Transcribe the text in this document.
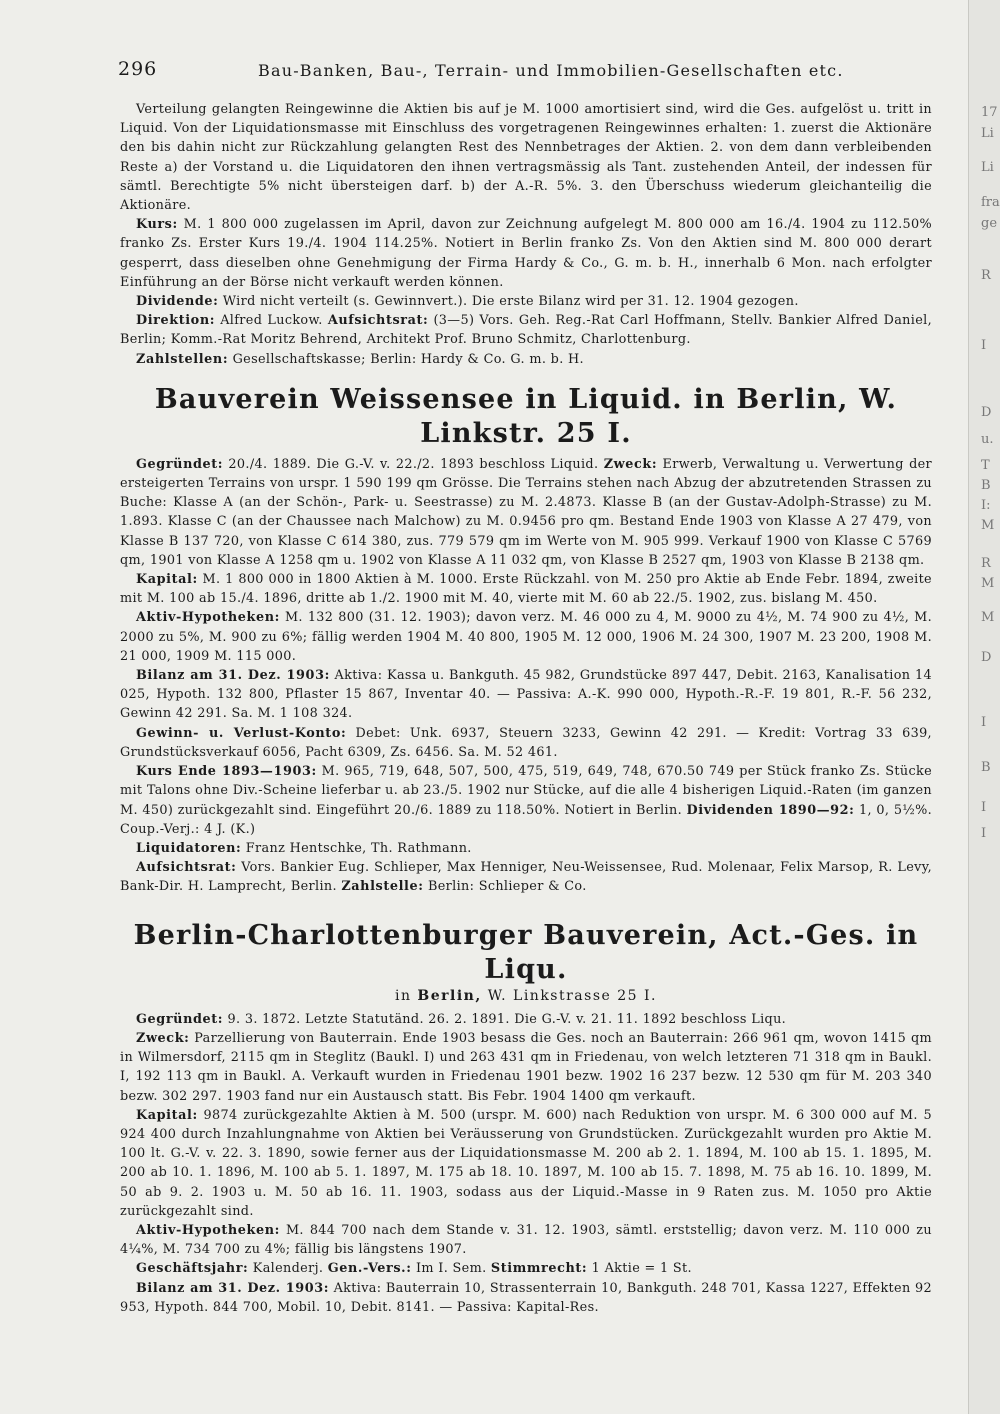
296	Bau-Banken, Bau-, Terrain- und Immobilien-Gesellschaften etc.

Verteilung gelangten Reingewinne die Aktien bis auf je M. 1000 amortisiert sind, wird die Ges. aufgelöst u. tritt in Liquid. Von der Liquidationsmasse mit Einschluss des vorgetragenen Reingewinnes erhalten: 1. zuerst die Aktionäre den bis dahin nicht zur Rückzahlung gelangten Rest des Nennbetrages der Aktien. 2. von dem dann verbleibenden Reste a) der Vorstand u. die Liquidatoren den ihnen vertragsmässig als Tant. zustehenden Anteil, der indessen für sämtl. Berechtigte 5% nicht übersteigen darf. b) der A.-R. 5%. 3. den Überschuss wiederum gleichanteilig die Aktionäre.

Kurs: M. 1 800 000 zugelassen im April, davon zur Zeichnung aufgelegt M. 800 000 am 16./4. 1904 zu 112.50% franko Zs. Erster Kurs 19./4. 1904 114.25%. Notiert in Berlin franko Zs. Von den Aktien sind M. 800 000 derart gesperrt, dass dieselben ohne Genehmigung der Firma Hardy & Co., G. m. b. H., innerhalb 6 Mon. nach erfolgter Einführung an der Börse nicht verkauft werden können.

Dividende: Wird nicht verteilt (s. Gewinnvert.). Die erste Bilanz wird per 31. 12. 1904 gezogen.

Direktion: Alfred Luckow. Aufsichtsrat: (3—5) Vors. Geh. Reg.-Rat Carl Hoffmann, Stellv. Bankier Alfred Daniel, Berlin; Komm.-Rat Moritz Behrend, Architekt Prof. Bruno Schmitz, Charlottenburg.

Zahlstellen: Gesellschaftskasse; Berlin: Hardy & Co. G. m. b. H.

Bauverein Weissensee in Liquid. in Berlin, W. Linkstr. 25 I.

Gegründet: 20./4. 1889. Die G.-V. v. 22./2. 1893 beschloss Liquid. Zweck: Erwerb, Verwaltung u. Verwertung der ersteigerten Terrains von urspr. 1 590 199 qm Grösse. Die Terrains stehen nach Abzug der abzutretenden Strassen zu Buche: Klasse A (an der Schön-, Park- u. Seestrasse) zu M. 2.4873. Klasse B (an der Gustav-Adolph-Strasse) zu M. 1.893. Klasse C (an der Chaussee nach Malchow) zu M. 0.9456 pro qm. Bestand Ende 1903 von Klasse A 27 479, von Klasse B 137 720, von Klasse C 614 380, zus. 779 579 qm im Werte von M. 905 999. Verkauf 1900 von Klasse C 5769 qm, 1901 von Klasse A 1258 qm u. 1902 von Klasse A 11 032 qm, von Klasse B 2527 qm, 1903 von Klasse B 2138 qm.

Kapital: M. 1 800 000 in 1800 Aktien à M. 1000. Erste Rückzahl. von M. 250 pro Aktie ab Ende Febr. 1894, zweite mit M. 100 ab 15./4. 1896, dritte ab 1./2. 1900 mit M. 40, vierte mit M. 60 ab 22./5. 1902, zus. bislang M. 450.

Aktiv-Hypotheken: M. 132 800 (31. 12. 1903); davon verz. M. 46 000 zu 4, M. 9000 zu 4½, M. 74 900 zu 4½, M. 2000 zu 5%, M. 900 zu 6%; fällig werden 1904 M. 40 800, 1905 M. 12 000, 1906 M. 24 300, 1907 M. 23 200, 1908 M. 21 000, 1909 M. 115 000.

Bilanz am 31. Dez. 1903: Aktiva: Kassa u. Bankguth. 45 982, Grundstücke 897 447, Debit. 2163, Kanalisation 14 025, Hypoth. 132 800, Pflaster 15 867, Inventar 40. — Passiva: A.-K. 990 000, Hypoth.-R.-F. 19 801, R.-F. 56 232, Gewinn 42 291. Sa. M. 1 108 324.

Gewinn- u. Verlust-Konto: Debet: Unk. 6937, Steuern 3233, Gewinn 42 291. — Kredit: Vortrag 33 639, Grundstücksverkauf 6056, Pacht 6309, Zs. 6456. Sa. M. 52 461.

Kurs Ende 1893—1903: M. 965, 719, 648, 507, 500, 475, 519, 649, 748, 670.50 749 per Stück franko Zs. Stücke mit Talons ohne Div.-Scheine lieferbar u. ab 23./5. 1902 nur Stücke, auf die alle 4 bisherigen Liquid.-Raten (im ganzen M. 450) zurückgezahlt sind. Eingeführt 20./6. 1889 zu 118.50%. Notiert in Berlin. Dividenden 1890—92: 1, 0, 5½%. Coup.-Verj.: 4 J. (K.)

Liquidatoren: Franz Hentschke, Th. Rathmann.

Aufsichtsrat: Vors. Bankier Eug. Schlieper, Max Henniger, Neu-Weissensee, Rud. Molenaar, Felix Marsop, R. Levy, Bank-Dir. H. Lamprecht, Berlin. Zahlstelle: Berlin: Schlieper & Co.

Berlin-Charlottenburger Bauverein, Act.-Ges. in Liqu.
in Berlin, W. Linkstrasse 25 I.

Gegründet: 9. 3. 1872. Letzte Statutänd. 26. 2. 1891. Die G.-V. v. 21. 11. 1892 beschloss Liqu.

Zweck: Parzellierung von Bauterrain. Ende 1903 besass die Ges. noch an Bauterrain: 266 961 qm, wovon 1415 qm in Wilmersdorf, 2115 qm in Steglitz (Baukl. I) und 263 431 qm in Friedenau, von welch letzteren 71 318 qm in Baukl. I, 192 113 qm in Baukl. A. Verkauft wurden in Friedenau 1901 bezw. 1902 16 237 bezw. 12 530 qm für M. 203 340 bezw. 302 297. 1903 fand nur ein Austausch statt. Bis Febr. 1904 1400 qm verkauft.

Kapital: 9874 zurückgezahlte Aktien à M. 500 (urspr. M. 600) nach Reduktion von urspr. M. 6 300 000 auf M. 5 924 400 durch Inzahlungnahme von Aktien bei Veräusserung von Grundstücken. Zurückgezahlt wurden pro Aktie M. 100 lt. G.-V. v. 22. 3. 1890, sowie ferner aus der Liquidationsmasse M. 200 ab 2. 1. 1894, M. 100 ab 15. 1. 1895, M. 200 ab 10. 1. 1896, M. 100 ab 5. 1. 1897, M. 175 ab 18. 10. 1897, M. 100 ab 15. 7. 1898, M. 75 ab 16. 10. 1899, M. 50 ab 9. 2. 1903 u. M. 50 ab 16. 11. 1903, sodass aus der Liquid.-Masse in 9 Raten zus. M. 1050 pro Aktie zurückgezahlt sind.

Aktiv-Hypotheken: M. 844 700 nach dem Stande v. 31. 12. 1903, sämtl. erststellig; davon verz. M. 110 000 zu 4¼%, M. 734 700 zu 4%; fällig bis längstens 1907.

Geschäftsjahr: Kalenderj. Gen.-Vers.: Im I. Sem. Stimmrecht: 1 Aktie = 1 St.

Bilanz am 31. Dez. 1903: Aktiva: Bauterrain 10, Strassenterrain 10, Bankguth. 248 701, Kassa 1227, Effekten 92 953, Hypoth. 844 700, Mobil. 10, Debit. 8141. — Passiva: Kapital-Res.

17
Li
Li
fra
ge
R
I
D
u.
T
B
I:
M
R
M
M
D
I
B
I
I
